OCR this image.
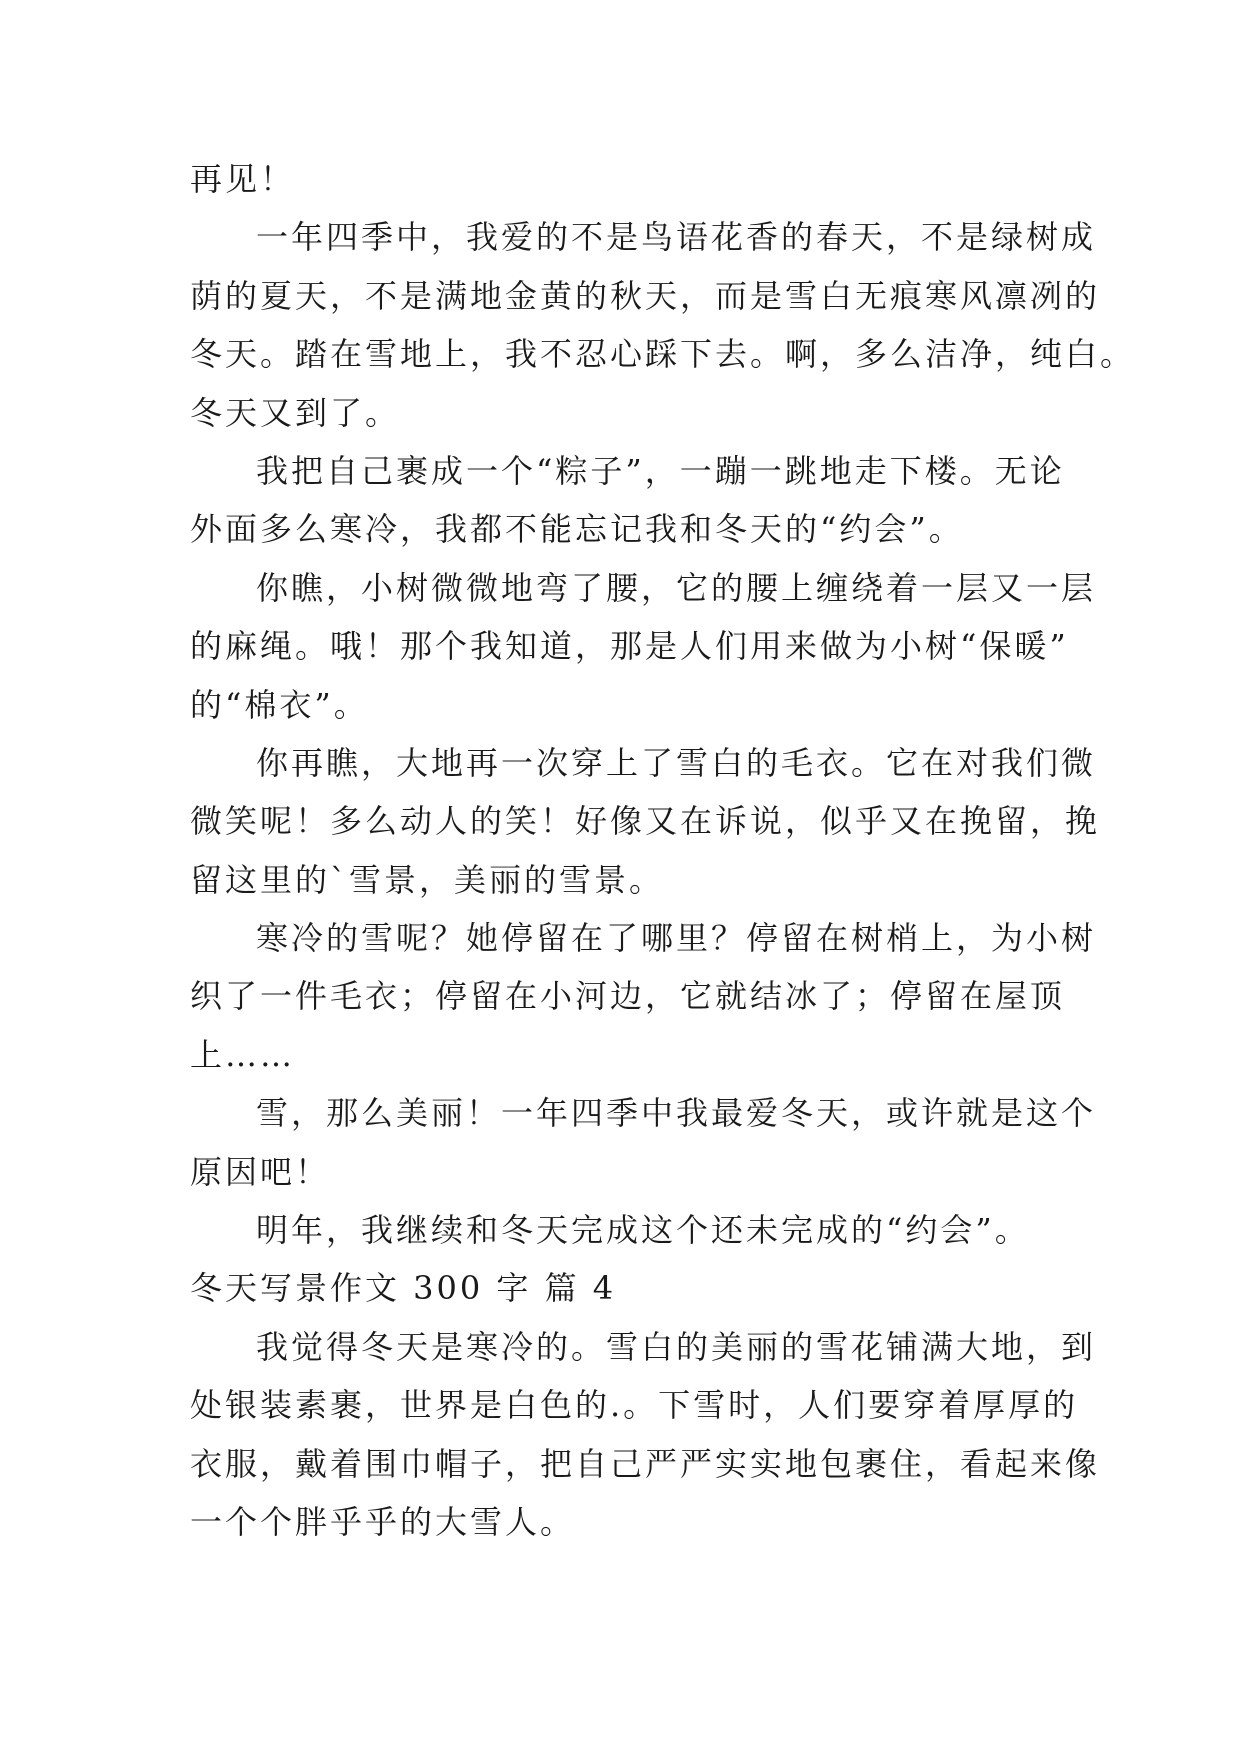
再见！
一年四季中，我爱的不是鸟语花香的春天，不是绿树成
荫的夏天，不是满地金黄的秋天，而是雪白无痕寒风凛冽的
冬天。踏在雪地上，我不忍心踩下去。啊，多么洁净，纯白。
冬天又到了。
我把自己裹成一个“粽子”，一蹦一跳地走下楼。无论
外面多么寒冷，我都不能忘记我和冬天的“约会”。
你瞧，小树微微地弯了腰，它的腰上缠绕着一层又一层
的麻绳。哦！那个我知道，那是人们用来做为小树“保暖”
的“棉衣”。
你再瞧，大地再一次穿上了雪白的毛衣。它在对我们微
微笑呢！多么动人的笑！好像又在诉说，似乎又在挽留，挽
留这里的`雪景，美丽的雪景。
寒冷的雪呢？她停留在了哪里？停留在树梢上，为小树
织了一件毛衣；停留在小河边，它就结冰了；停留在屋顶
上……
雪，那么美丽！一年四季中我最爱冬天，或许就是这个
原因吧！
明年，我继续和冬天完成这个还未完成的“约会”。
冬天写景作文 300 字 篇 4
我觉得冬天是寒冷的。雪白的美丽的雪花铺满大地，到
处银装素裹，世界是白色的.。下雪时，人们要穿着厚厚的
衣服，戴着围巾帽子，把自己严严实实地包裹住，看起来像
一个个胖乎乎的大雪人。
